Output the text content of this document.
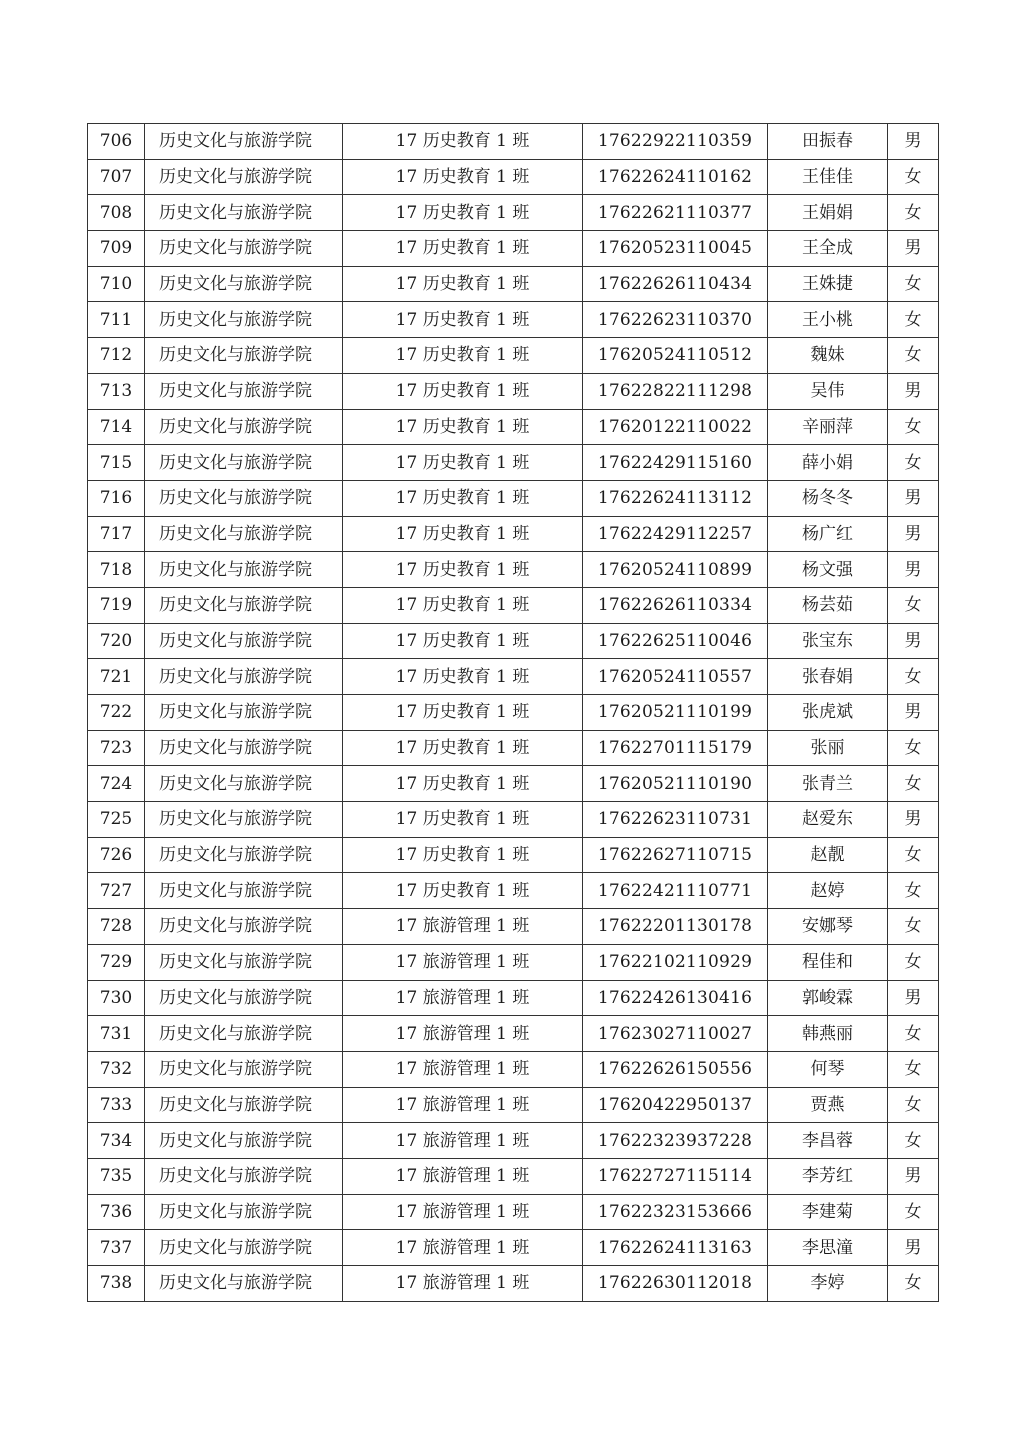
706	历史文化与旅游学院	17 历史教育 1 班	17622922110359	田振春	男
707	历史文化与旅游学院	17 历史教育 1 班	17622624110162	王佳佳	女
708	历史文化与旅游学院	17 历史教育 1 班	17622621110377	王娟娟	女
709	历史文化与旅游学院	17 历史教育 1 班	17620523110045	王全成	男
710	历史文化与旅游学院	17 历史教育 1 班	17622626110434	王姝捷	女
711	历史文化与旅游学院	17 历史教育 1 班	17622623110370	王小桃	女
712	历史文化与旅游学院	17 历史教育 1 班	17620524110512	魏妹	女
713	历史文化与旅游学院	17 历史教育 1 班	17622822111298	吴伟	男
714	历史文化与旅游学院	17 历史教育 1 班	17620122110022	辛丽萍	女
715	历史文化与旅游学院	17 历史教育 1 班	17622429115160	薛小娟	女
716	历史文化与旅游学院	17 历史教育 1 班	17622624113112	杨冬冬	男
717	历史文化与旅游学院	17 历史教育 1 班	17622429112257	杨广红	男
718	历史文化与旅游学院	17 历史教育 1 班	17620524110899	杨文强	男
719	历史文化与旅游学院	17 历史教育 1 班	17622626110334	杨芸茹	女
720	历史文化与旅游学院	17 历史教育 1 班	17622625110046	张宝东	男
721	历史文化与旅游学院	17 历史教育 1 班	17620524110557	张春娟	女
722	历史文化与旅游学院	17 历史教育 1 班	17620521110199	张虎斌	男
723	历史文化与旅游学院	17 历史教育 1 班	17622701115179	张丽	女
724	历史文化与旅游学院	17 历史教育 1 班	17620521110190	张青兰	女
725	历史文化与旅游学院	17 历史教育 1 班	17622623110731	赵爱东	男
726	历史文化与旅游学院	17 历史教育 1 班	17622627110715	赵靓	女
727	历史文化与旅游学院	17 历史教育 1 班	17622421110771	赵婷	女
728	历史文化与旅游学院	17 旅游管理 1 班	17622201130178	安娜琴	女
729	历史文化与旅游学院	17 旅游管理 1 班	17622102110929	程佳和	女
730	历史文化与旅游学院	17 旅游管理 1 班	17622426130416	郭峻霖	男
731	历史文化与旅游学院	17 旅游管理 1 班	17623027110027	韩燕丽	女
732	历史文化与旅游学院	17 旅游管理 1 班	17622626150556	何琴	女
733	历史文化与旅游学院	17 旅游管理 1 班	17620422950137	贾燕	女
734	历史文化与旅游学院	17 旅游管理 1 班	17622323937228	李昌蓉	女
735	历史文化与旅游学院	17 旅游管理 1 班	17622727115114	李芳红	男
736	历史文化与旅游学院	17 旅游管理 1 班	17622323153666	李建菊	女
737	历史文化与旅游学院	17 旅游管理 1 班	17622624113163	李思潼	男
738	历史文化与旅游学院	17 旅游管理 1 班	17622630112018	李婷	女
